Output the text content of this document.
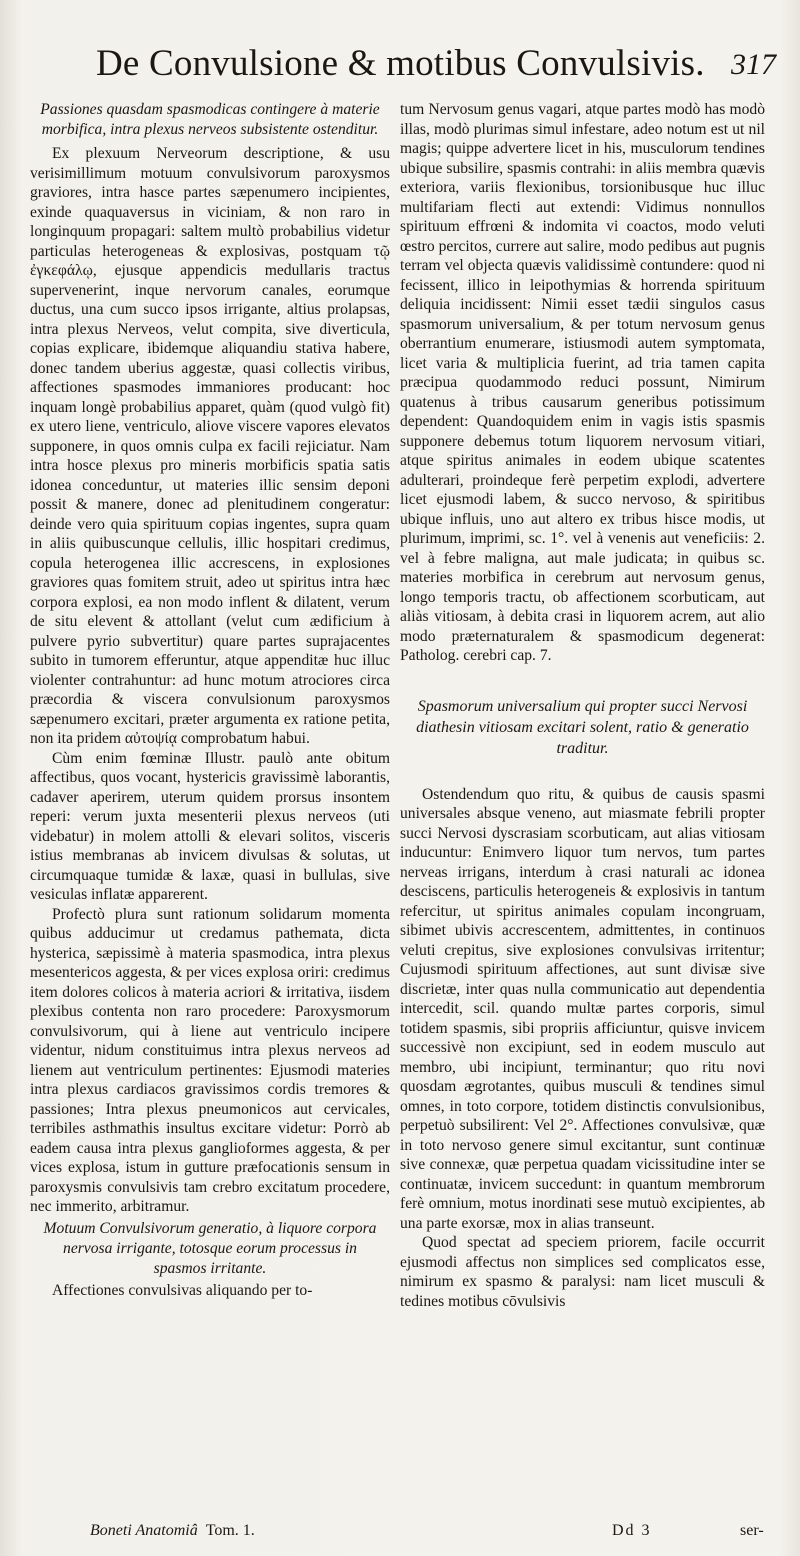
De Convulsione & motibus Convulsivis. 317

Passiones quasdam spasmodicas contingere à materie morbifica, intra plexus nerveos subsistente ostenditur.

Ex plexuum Nerveorum descriptione, & usu verisimillimum motuum convulsivorum paroxysmos graviores, intra hasce partes sæpenumero incipientes, exinde quaquaversus in viciniam, & non raro in longinquum propagari: saltem multò probabilius videtur particulas heterogeneas & explosivas, postquam τῷ ἐγκεφάλῳ, ejusque appendicis medullaris tractus supervenerint, inque nervorum canales, eorumque ductus, una cum succo ipsos irrigante, altius prolapsas, intra plexus Nerveos, velut compita, sive diverticula, copias explicare, ibidemque aliquandiu stativa habere, donec tandem uberius aggestæ, quasi collectis viribus, affectiones spasmodes immaniores producant: hoc inquam longè probabilius apparet, quàm (quod vulgò fit) ex utero liene, ventriculo, aliove viscere vapores elevatos supponere, in quos omnis culpa ex facili rejiciatur. Nam intra hosce plexus pro mineris morbificis spatia satis idonea conceduntur, ut materies illic sensim deponi possit & manere, donec ad plenitudinem congeratur: deinde vero quia spirituum copias ingentes, supra quam in aliis quibuscunque cellulis, illic hospitari credimus, copula heterogenea illic accrescens, in explosiones graviores quas fomitem struit, adeo ut spiritus intra hæc corpora explosi, ea non modo inflent & dilatent, verum de situ elevent & attollant (velut cum ædificium à pulvere pyrio subvertitur) quare partes suprajacentes subito in tumorem efferuntur, atque appenditæ huc illuc violenter contrahuntur: ad hunc motum atrociores circa præcordia & viscera convulsionum paroxysmos sæpenumero excitari, præter argumenta ex ratione petita, non ita pridem αὐτοψίᾳ comprobatum habui.

Cùm enim fœminæ Illustr. paulò ante obitum affectibus, quos vocant, hystericis gravissimè laborantis, cadaver aperirem, uterum quidem prorsus insontem reperi: verum juxta mesenterii plexus nerveos (uti videbatur) in molem attolli & elevari solitos, visceris istius membranas ab invicem divulsas & solutas, ut circumquaque tumidæ & laxæ, quasi in bullulas, sive vesiculas inflatæ apparerent.

Profectò plura sunt rationum solidarum momenta quibus adducimur ut credamus pathemata, dicta hysterica, sæpissimè à materia spasmodica, intra plexus mesentericos aggesta, & per vices explosa oriri: credimus item dolores colicos à materia acriori & irritativa, iisdem plexibus contenta non raro procedere: Paroxysmorum convulsivorum, qui à liene aut ventriculo incipere videntur, nidum constituimus intra plexus nerveos ad lienem aut ventriculum pertinentes: Ejusmodi materies intra plexus cardiacos gravissimos cordis tremores & passiones; Intra plexus pneumonicos aut cervicales, terribiles asthmathis insultus excitare videtur: Porrò ab eadem causa intra plexus ganglioformes aggesta, & per vices explosa, istum in gutture præfocationis sensum in paroxysmis convulsivis tam crebro excitatum procedere, nec immerito, arbitramur.

Motuum Convulsivorum generatio, à liquore corpora nervosa irrigante, totosque eorum processus in spasmos irritante.

Affectiones convulsivas aliquando per to-

tum Nervosum genus vagari, atque partes modò has modò illas, modò plurimas simul infestare, adeo notum est ut nil magis; quippe advertere licet in his, musculorum tendines ubique subsilire, spasmis contrahi: in aliis membra quævis exteriora, variis flexionibus, torsionibusque huc illuc multifariam flecti aut extendi: Vidimus nonnullos spirituum effrœni & indomita vi coactos, modo veluti œstro percitos, currere aut salire, modo pedibus aut pugnis terram vel objecta quævis validissimè contundere: quod ni fecissent, illico in leipothymias & horrenda spirituum deliquia incidissent: Nimii esset tædii singulos casus spasmorum universalium, & per totum nervosum genus oberrantium enumerare, istiusmodi autem symptomata, licet varia & multiplicia fuerint, ad tria tamen capita præcipua quodammodo reduci possunt, Nimirum quatenus à tribus causarum generibus potissimum dependent: Quandoquidem enim in vagis istis spasmis supponere debemus totum liquorem nervosum vitiari, atque spiritus animales in eodem ubique scatentes adulterari, proindeque ferè perpetim explodi, advertere licet ejusmodi labem, & succo nervoso, & spiritibus ubique influis, uno aut altero ex tribus hisce modis, ut plurimum, imprimi, sc. 1°. vel à venenis aut veneficiis: 2. vel à febre maligna, aut male judicata; in quibus sc. materies morbifica in cerebrum aut nervosum genus, longo temporis tractu, ob affectionem scorbuticam, aut aliàs vitiosam, à debita crasi in liquorem acrem, aut alio modo præternaturalem & spasmodicum degenerat: Patholog. cerebri cap. 7.

Spasmorum universalium qui propter succi Nervosi diathesin vitiosam excitari solent, ratio & generatio traditur.

Ostendendum quo ritu, & quibus de causis spasmi universales absque veneno, aut miasmate febrili propter succi Nervosi dyscrasiam scorbuticam, aut alias vitiosam inducuntur: Enimvero liquor tum nervos, tum partes nerveas irrigans, interdum à crasi naturali ac idonea desciscens, particulis heterogeneis & explosivis in tantum refercitur, ut spiritus animales copulam incongruam, sibimet ubivis accrescentem, admittentes, in continuos veluti crepitus, sive explosiones convulsivas irritentur; Cujusmodi spirituum affectiones, aut sunt divisæ sive discrietæ, inter quas nulla communicatio aut dependentia intercedit, scil. quando multæ partes corporis, simul totidem spasmis, sibi propriis afficiuntur, quisve invicem successivè non excipiunt, sed in eodem musculo aut membro, ubi incipiunt, terminantur; quo ritu novi quosdam ægrotantes, quibus musculi & tendines simul omnes, in toto corpore, totidem distinctis convulsionibus, perpetuò subsilirent: Vel 2°. Affectiones convulsivæ, quæ in toto nervoso genere simul excitantur, sunt continuæ sive connexæ, quæ perpetua quadam vicissitudine inter se continuatæ, invicem succedunt: in quantum membrorum ferè omnium, motus inordinati sese mutuò excipientes, ab una parte exorsæ, mox in alias transeunt.

Quod spectat ad speciem priorem, facile occurrit ejusmodi affectus non simplices sed complicatos esse, nimirum ex spasmo & paralysi: nam licet musculi & tedines motibus cōvulsivis

Boneti Anatomiâ Tom. 1.	Dd 3	ser-
